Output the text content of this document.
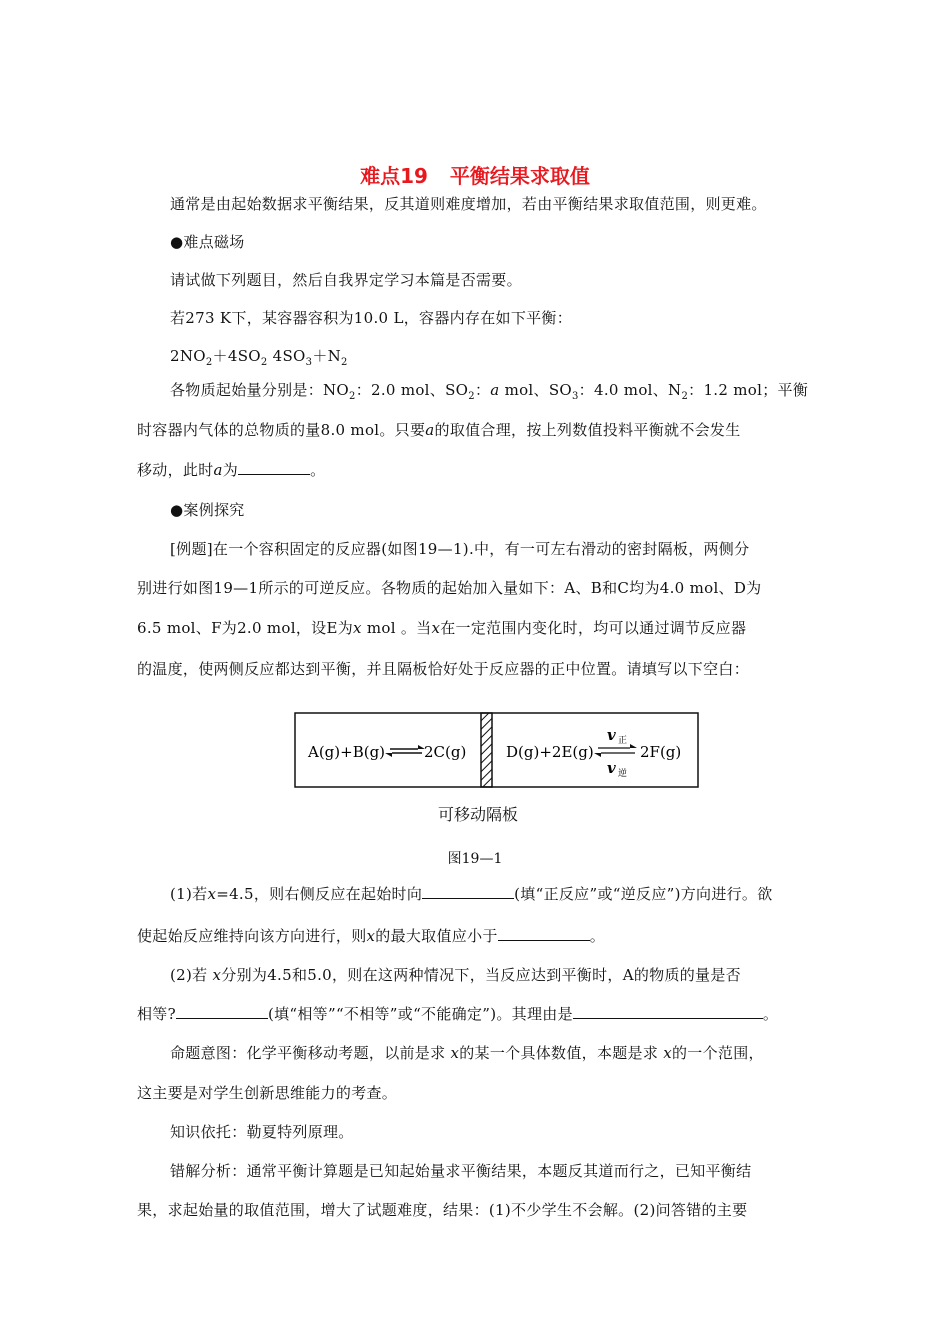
难点19 平衡结果求取值
通常是由起始数据求平衡结果，反其道则难度增加，若由平衡结果求取值范围，则更难。
●难点磁场
请试做下列题目，然后自我界定学习本篇是否需要。
若273 K下，某容器容积为10.0 L，容器内存在如下平衡：
$2NO_2+4SO_2$ $4SO_3+N_2$
各物质起始量分别是：$NO_2$：2.0 mol、$SO_2$：a mol、$SO_3$：4.0 mol、$N_2$：1.2 mol；平衡
时容器内气体的总物质的量8.0 mol。只要a的取值合理，按上列数值投料平衡就不会发生
移动，此时a为	。
●案例探究
[例题]在一个容积固定的反应器(如图19—1).中，有一可左右滑动的密封隔板，两侧分
别进行如图19—1所示的可逆反应。各物质的起始加入量如下：A、B和C均为4.0 mol、D为
6.5 mol、F为2.0 mol，设E为x mol 。当x在一定范围内变化时，均可以通过调节反应器
的温度，使两侧反应都达到平衡，并且隔板恰好处于反应器的正中位置。请填写以下空白：
A(g)+B(g)	2C(g)	D(g)+2E(g)
v 正
v 逆
2F(g)
可移动隔板
图19—1
(1)若x=4.5，则右侧反应在起始时向	(填“正反应”或“逆反应”)方向进行。欲
使起始反应维持向该方向进行，则x的最大取值应小于	。
(2)若 x分别为4.5和5.0，则在这两种情况下，当反应达到平衡时，A的物质的量是否
相等?	(填“相等”“不相等”或“不能确定”)。其理由是	。
命题意图：化学平衡移动考题，以前是求 x的某一个具体数值，本题是求 x的一个范围，
这主要是对学生创新思维能力的考查。
知识依托：勒夏特列原理。
错解分析：通常平衡计算题是已知起始量求平衡结果，本题反其道而行之，已知平衡结
果，求起始量的取值范围，增大了试题难度，结果：(1)不少学生不会解。(2)问答错的主要
